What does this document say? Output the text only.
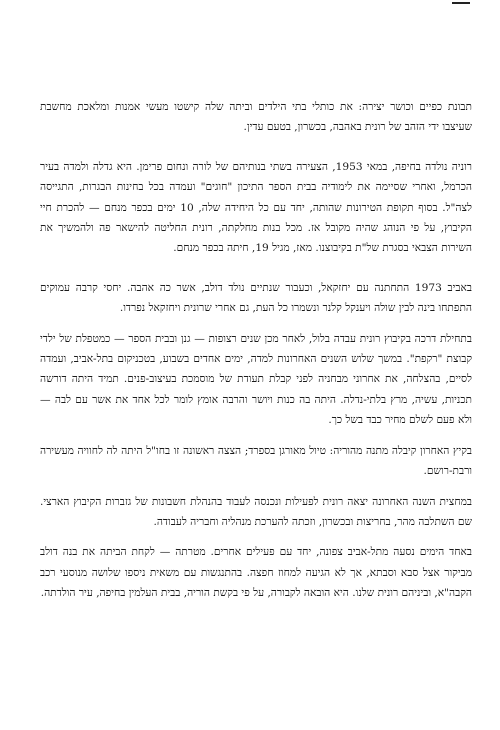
תבונת כפיים וכושר יצירה: את כותלי בתי הילדים וביתה שלה קישטו מעשי אמנות ומלאכת מחשבת שעיצבו ידי הזהב של רונית באהבה, בכשרון, בטעם עדין.

רוניה נולדה בחיפה, במאי 1953, הצעירה בשתי בנותיהם של לורה ונחום פרימן. היא גדלה ולמדה בעיר הכרמל, ואחרי שסיימה את לימודיה בבית הספר התיכון "חוגים" ועמדה בכל בחינות הבגרות, התגייסה לצה"ל. בסוף תקופת הטירונות שהותה, יחד עם כל היחידה שלה, 10 ימים בכפר מנחם — להכרת חיי הקיבוץ, על פי הנוהג שהיה מקובל אז. מכל בנות מחלקתה, רונית החליטה להישאר פה ולהמשיך את השירות הצבאי בסגרת של"ת בקיבוצנו. מאז, מגיל 19, חיתה בכפר מנחם.

באביב 1973 התחתנה עם יחזקאל, וכעבור שנתיים נולד דולב, אשר כה אהבה. יחסי קרבה עמוקים התפתחו בינה לבין שולה ויענקל קלנר ונשמרו כל העת, גם אחרי שרונית ויחזקאל נפרדו.

בתחילת דרכה בקיבוץ רונית עבדה בלול, לאחר מכן שנים רצופות — גנן ובבית הספר — כמטפלת של ילדי קבוצת "רקפת". במשך שלוש השנים האחרונות למדה, ימים אחדים בשבוע, בטכניקום בתל-אביב, ועמדה לסיים, בהצלחה, את אחרוני מבחניה לפני קבלת תעודת של מוסמכת בעיצוב-פנים. תמיד היתה דורשה תכניות, עשיה, מרץ בלתי-נדלה. היתה בה כנות ויושר והרבה אומץ לומר לכל אחד את אשר עם לבה — ולא פעם לשלם מחיר כבד בשל כך.

בקיץ האחרון קיבלה מתנה מהוריה: טיול מאורגן בספרד; הצצה ראשונה זו בחו"ל היתה לה לחוויה מעשירה ורבת-רושם.

במחצית השנה האחרונה יצאה רונית לפעילות ונכנסה לעבוד בהנהלת חשבונות של גזברות הקיבוץ הארצי. שם השתלבה מהר, בחריצות ובכשרון, וזכתה להערכת מנהליה וחבריה לעבודה.

באחד הימים נסעה מתל-אביב צפונה, יחד עם פעילים אחרים. מטרתה — לקחת הביתה את בנה דולב מביקור אצל סבא וסבתא, אך לא הגיעה למחוז חפצה. בהתנגשות עם משאית ניספו שלושה מנוסעי רכב הקבה"א, וביניהם רונית שלנו. היא הובאה לקבורה, על פי בקשת הוריה, בבית העלמין בחיפה, עיר הולדתה.
